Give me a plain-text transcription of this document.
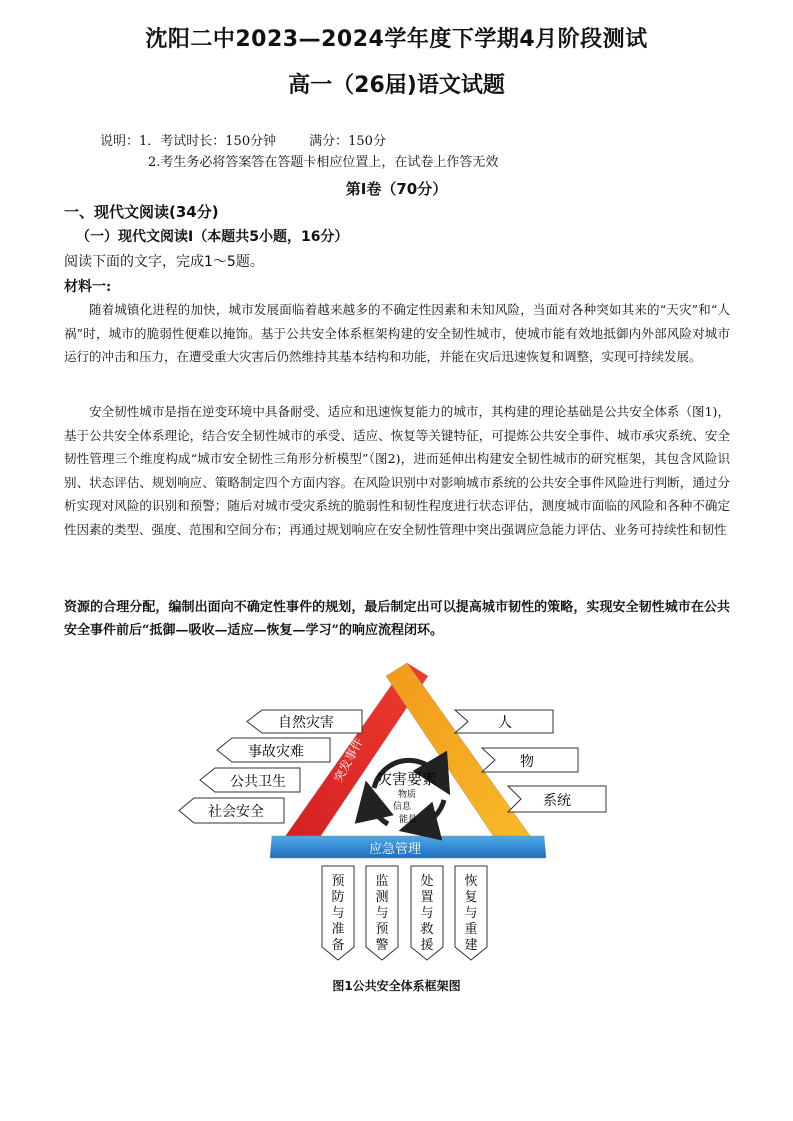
沈阳二中2023—2024学年度下学期4月阶段测试
高一（26届)语文试题
说明：1．考试时长：150分钟        满分：150分
2.考生务必将答案答在答题卡相应位置上，在试卷上作答无效
第Ⅰ卷（70分）
一、现代文阅读(34分)
（一）现代文阅读Ⅰ（本题共5小题，16分）
阅读下面的文字，完成1～5题。
材料一:

随着城镇化进程的加快，城市发展面临着越来越多的不确定性因素和未知风险，当面对各种突如其来的“天灾”和“人祸”时，城市的脆弱性便难以掩饰。基于公共安全体系框架构建的安全韧性城市，使城市能有效地抵御内外部风险对城市运行的冲击和压力，在遭受重大灾害后仍然维持其基本结构和功能，并能在灾后迅速恢复和调整，实现可持续发展。

安全韧性城市是指在逆变环境中具备耐受、适应和迅速恢复能力的城市，其构建的理论基础是公共安全体系（图1)，基于公共安全体系理论，结合安全韧性城市的承受、适应、恢复等关键特征，可提炼公共安全事件、城市承灾系统、安全韧性管理三个维度构成“城市安全韧性三角形分析模型”（图2)，进而延伸出构建安全韧性城市的研究框架，其包含风险识别、状态评估、规划响应、策略制定四个方面内容。在风险识别中对影响城市系统的公共安全事件风险进行判断，通过分析实现对风险的识别和预警；随后对城市受灾系统的脆弱性和韧性程度进行状态评估，测度城市面临的风险和各种不确定性因素的类型、强度、范围和空间分布；再通过规划响应在安全韧性管理中突出强调应急能力评估、业务可持续性和韧性

资源的合理分配，编制出面向不确定性事件的规划，最后制定出可以提高城市韧性的策略，实现安全韧性城市在公共安全事件前后“抵御—吸收—适应—恢复—学习”的响应流程闭环。

应急管理
突发事件 灾害要素
物质
信息
能量
自然灾害
事故灾难
公共卫生
社会安全
人
物
系统
预防与准备
监测与预警
处置与救援
恢复与重建
图1公共安全体系框架图
